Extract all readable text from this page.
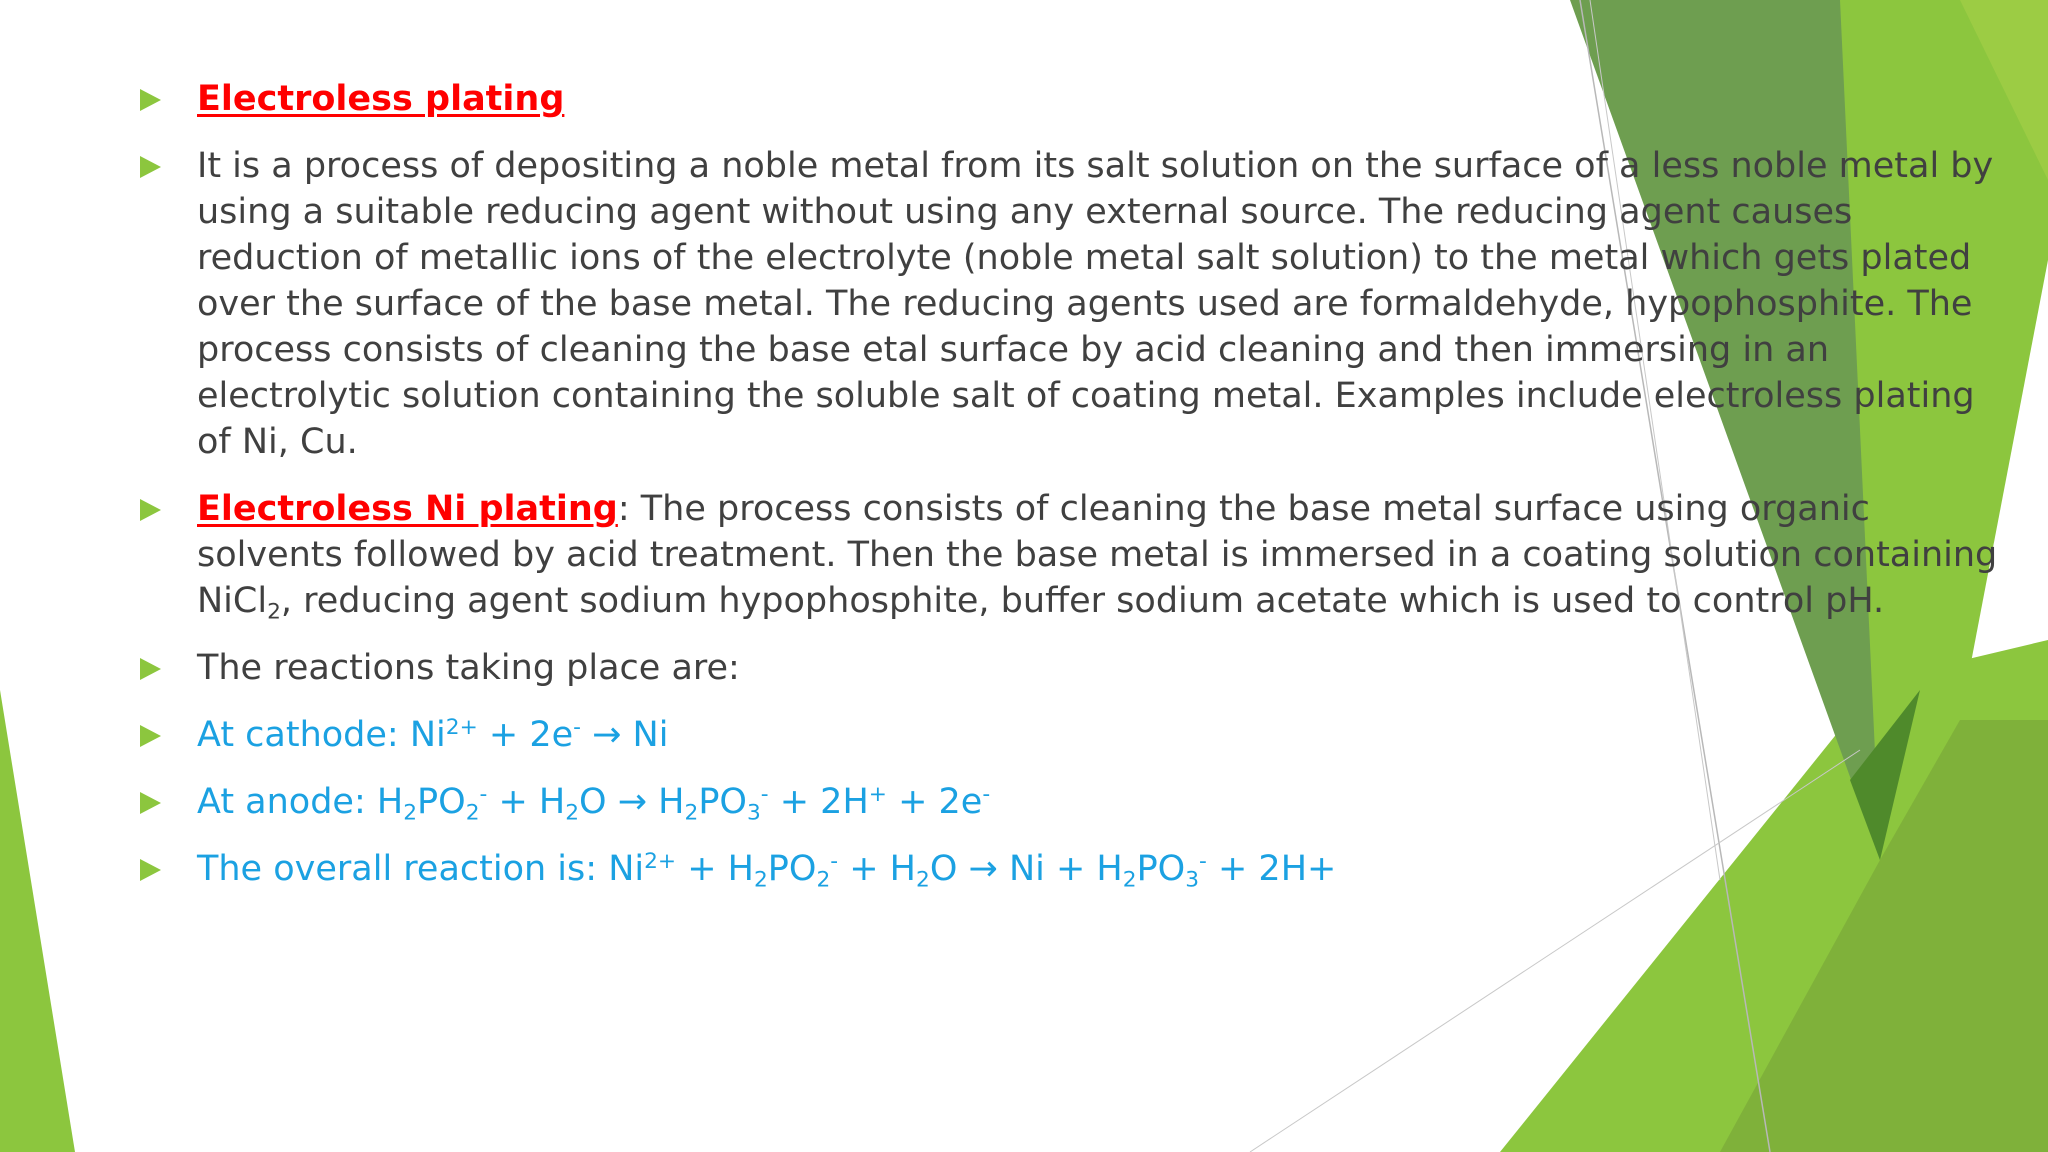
Electroless plating
It is a process of depositing a noble metal from its salt solution on the surface of a less noble metal by using a suitable reducing agent without using any external source. The reducing agent causes reduction of metallic ions of the electrolyte (noble metal salt solution) to the metal which gets plated over the surface of the base metal. The reducing agents used are formaldehyde, hypophosphite. The process consists of cleaning the base etal surface by acid cleaning and then immersing in an electrolytic solution containing the soluble salt of coating metal. Examples include electroless plating of Ni, Cu.
Electroless Ni plating: The process consists of cleaning the base metal surface using organic solvents followed by acid treatment. Then the base metal is immersed in a coating solution containing NiCl$_2$, reducing agent sodium hypophosphite, buffer sodium acetate which is used to control pH.
The reactions taking place are:
At cathode: $Ni^{2+} + 2e^- \to Ni$
At anode: $H_2PO_2^- + H_2O \to H_2PO_3^- + 2H^+ + 2e^-$
The overall reaction is: $Ni^{2+} + H_2PO_2^- + H_2O \to Ni + H_2PO_3^- + 2H+$
